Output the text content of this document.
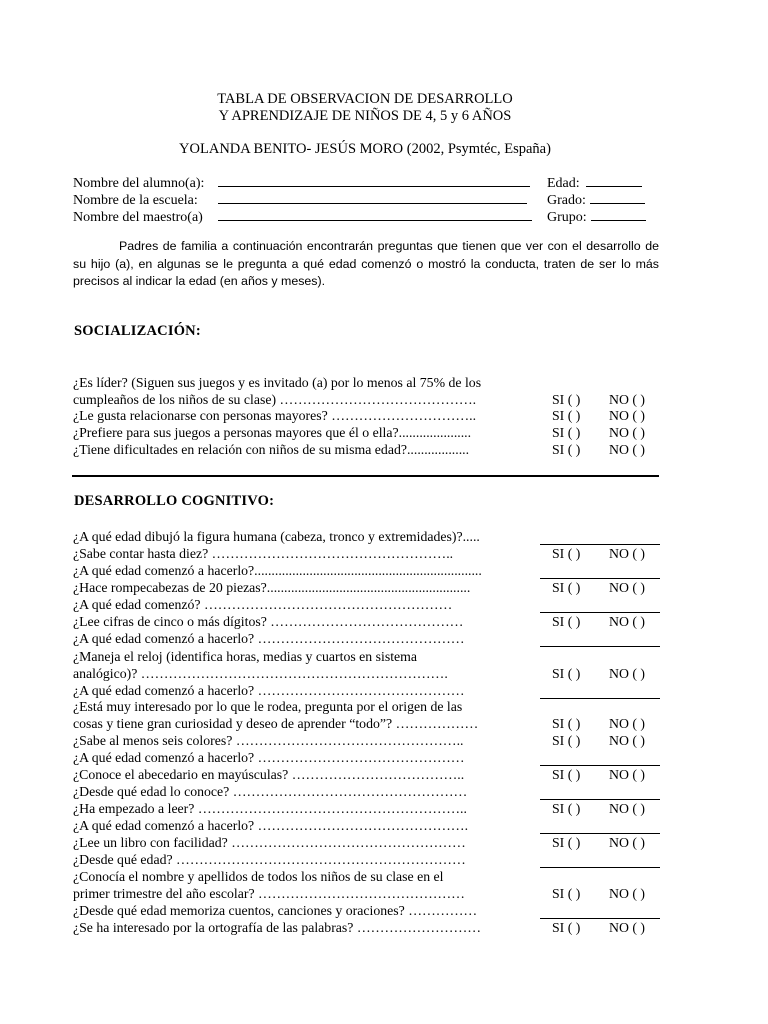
TABLA DE OBSERVACION DE DESARROLLO
Y APRENDIZAJE DE NIÑOS DE 4, 5 y 6 AÑOS
YOLANDA BENITO- JESÚS MORO (2002, Psymtéc, España)
Nombre del alumno(a):
Nombre de la escuela:
Nombre del maestro(a)
Edad:
Grado:
Grupo:
Padres de familia a continuación encontrarán preguntas que tienen que ver con el desarrollo de su hijo (a), en algunas se le pregunta a qué edad comenzó o mostró la conducta, traten de ser lo más precisos al indicar la edad (en años y meses).
SOCIALIZACIÓN:
¿Es líder? (Siguen sus juegos y es invitado (a) por lo menos al 75% de los
cumpleaños de los niños de su clase) …………………………………….	SI ( ) NO ( )
¿Le gusta relacionarse con personas mayores? …………………………..	SI ( ) NO ( )
¿Prefiere para sus juegos a personas mayores que él o ella?.....................	SI ( ) NO ( )
¿Tiene dificultades en relación con niños de su misma edad?..................	SI ( ) NO ( )
DESARROLLO COGNITIVO:
¿A qué edad dibujó la figura humana (cabeza, tronco y extremidades)?.....
¿Sabe contar hasta diez? ……………………………………………..	SI ( ) NO ( )
¿A qué edad comenzó a hacerlo?..................................................................
¿Hace rompecabezas de 20 piezas?...........................................................	SI ( ) NO ( )
¿A qué edad comenzó? ………………………………………………
¿Lee cifras de cinco o más dígitos? ……………………………………	SI ( ) NO ( )
¿A qué edad comenzó a hacerlo? ………………………………………
¿Maneja el reloj (identifica horas, medias y cuartos en sistema
analógico)? ………………………………………………………….	SI ( ) NO ( )
¿A qué edad comenzó a hacerlo? ………………………………………
¿Está muy interesado por lo que le rodea, pregunta por el origen de las
cosas y tiene gran curiosidad y deseo de aprender “todo”? ………………	SI ( ) NO ( )
¿Sabe al menos seis colores? …………………………………………..	SI ( ) NO ( )
¿A qué edad comenzó a hacerlo? ………………………………………
¿Conoce el abecedario en mayúsculas? ………………………………..	SI ( ) NO ( )
¿Desde qué edad lo conoce? ……………………………………………
¿Ha empezado a leer? …………………………………………………..	SI ( ) NO ( )
¿A qué edad comenzó a hacerlo? ……………………………………….
¿Lee un libro con facilidad? ……………………………………………	SI ( ) NO ( )
¿Desde qué edad? ………………………………………………………
¿Conocía el nombre y apellidos de todos los niños de su clase en el
primer trimestre del año escolar? ………………………………………	SI ( ) NO ( )
¿Desde qué edad memoriza cuentos, canciones y oraciones? ……………
¿Se ha interesado por la ortografía de las palabras? ………………………	SI ( ) NO ( )
